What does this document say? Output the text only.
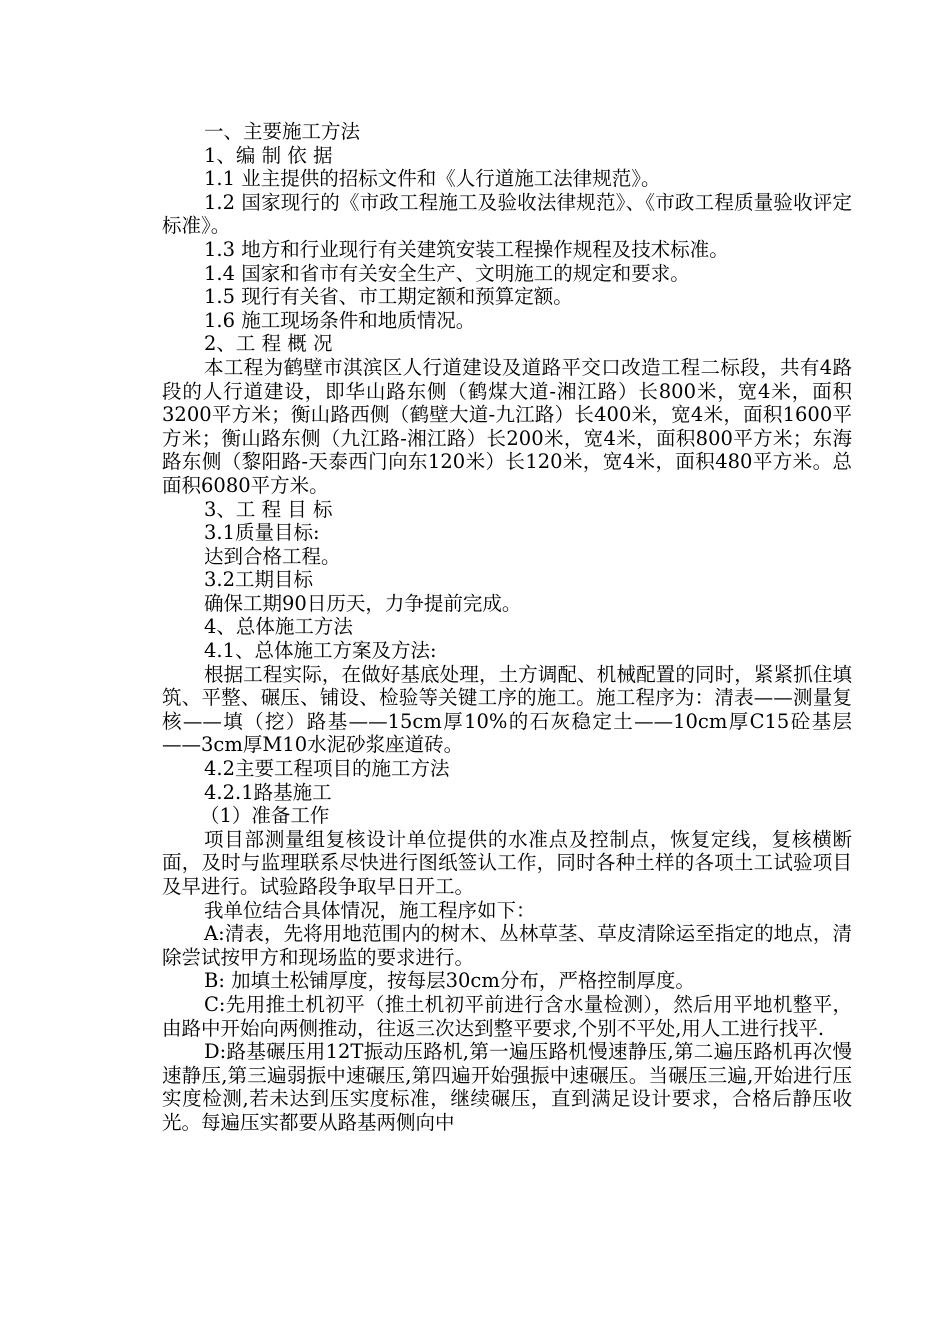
一、主要施工方法

1、编 制 依 据

1.1 业主提供的招标文件和《人行道施工法律规范》。

1.2 国家现行的《市政工程施工及验收法律规范》、《市政工程质量验收评定标准》。

1.3 地方和行业现行有关建筑安装工程操作规程及技术标准。

1.4 国家和省市有关安全生产、文明施工的规定和要求。

1.5 现行有关省、市工期定额和预算定额。

1.6 施工现场条件和地质情况。

2、工 程 概 况

本工程为鹤壁市淇滨区人行道建设及道路平交口改造工程二标段，共有4路段的人行道建设，即华山路东侧（鹤煤大道-湘江路）长800米，宽4米，面积3200平方米；衡山路西侧（鹤壁大道-九江路）长400米，宽4米，面积1600平方米；衡山路东侧（九江路-湘江路）长200米，宽4米，面积800平方米；东海路东侧（黎阳路-天泰西门向东120米）长120米，宽4米，面积480平方米。总面积6080平方米。

3、工 程 目 标

3.1质量目标:

达到合格工程。

3.2工期目标

确保工期90日历天，力争提前完成。

4、总体施工方法

4.1、总体施工方案及方法:

根据工程实际，在做好基底处理，土方调配、机械配置的同时，紧紧抓住填筑、平整、碾压、铺设、检验等关键工序的施工。施工程序为：清表——测量复核——填（挖）路基——15cm厚10%的石灰稳定土——10cm厚C15砼基层——3cm厚M10水泥砂浆座道砖。

4.2主要工程项目的施工方法

4.2.1路基施工

（1）准备工作

项目部测量组复核设计单位提供的水准点及控制点，恢复定线，复核横断面，及时与监理联系尽快进行图纸签认工作，同时各种土样的各项土工试验项目及早进行。试验路段争取早日开工。

我单位结合具体情况，施工程序如下：

A:清表，先将用地范围内的树木、丛林草茎、草皮清除运至指定的地点，清除尝试按甲方和现场监的要求进行。

B: 加填土松铺厚度，按每层30cm分布，严格控制厚度。

C:先用推土机初平（推土机初平前进行含水量检测），然后用平地机整平，由路中开始向两侧推动，往返三次达到整平要求,个别不平处,用人工进行找平.

D:路基碾压用12T振动压路机,第一遍压路机慢速静压,第二遍压路机再次慢速静压,第三遍弱振中速碾压,第四遍开始强振中速碾压。当碾压三遍,开始进行压实度检测,若未达到压实度标准，继续碾压，直到满足设计要求，合格后静压收光。每遍压实都要从路基两侧向中
